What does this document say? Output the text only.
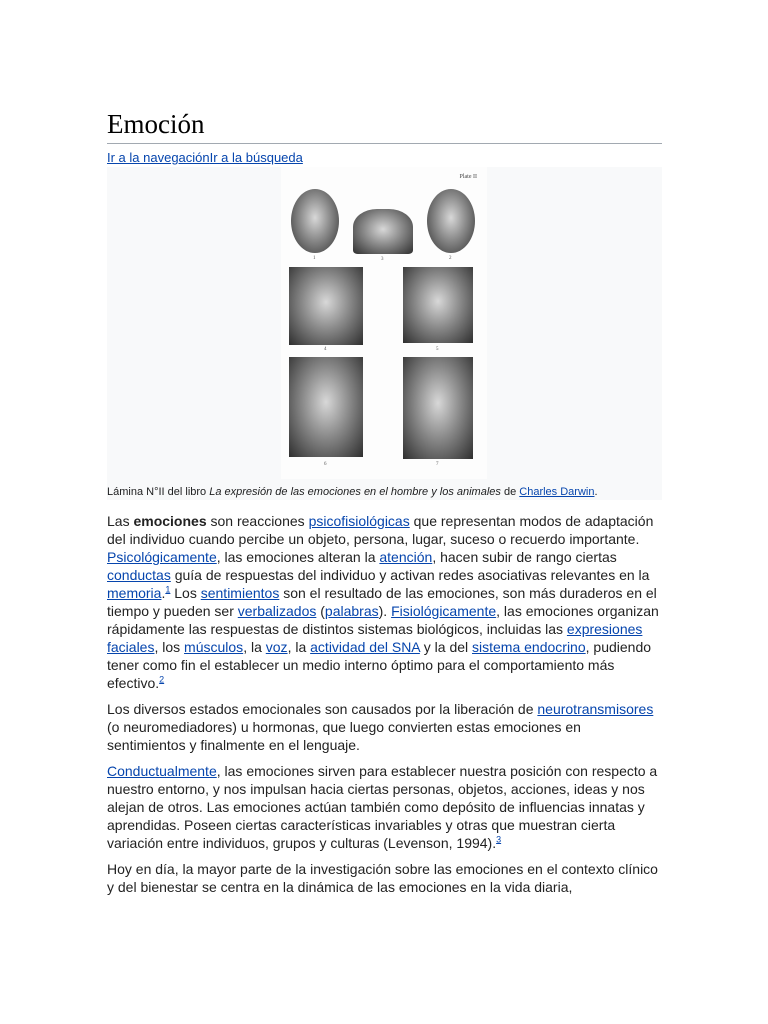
Emoción
Ir a la navegaciónIr a la búsqueda
Plate II
1	3	2
4	5
6	7
Lámina N°II del libro La expresión de las emociones en el hombre y los animales de Charles Darwin.

Las emociones son reacciones psicofisiológicas que representan modos de adaptación del individuo cuando percibe un objeto, persona, lugar, suceso o recuerdo importante. Psicológicamente, las emociones alteran la atención, hacen subir de rango ciertas conductas guía de respuestas del individuo y activan redes asociativas relevantes en la memoria.$^1$ Los sentimientos son el resultado de las emociones, son más duraderos en el tiempo y pueden ser verbalizados (palabras). Fisiológicamente, las emociones organizan rápidamente las respuestas de distintos sistemas biológicos, incluidas las expresiones faciales, los músculos, la voz, la actividad del SNA y la del sistema endocrino, pudiendo tener como fin el establecer un medio interno óptimo para el comportamiento más efectivo.$^2$

Los diversos estados emocionales son causados por la liberación de neurotransmisores (o neuromediadores) u hormonas, que luego convierten estas emociones en sentimientos y finalmente en el lenguaje.

Conductualmente, las emociones sirven para establecer nuestra posición con respecto a nuestro entorno, y nos impulsan hacia ciertas personas, objetos, acciones, ideas y nos alejan de otros. Las emociones actúan también como depósito de influencias innatas y aprendidas. Poseen ciertas características invariables y otras que muestran cierta variación entre individuos, grupos y culturas (Levenson, 1994).$^3$

Hoy en día, la mayor parte de la investigación sobre las emociones en el contexto clínico y del bienestar se centra en la dinámica de las emociones en la vida diaria,
